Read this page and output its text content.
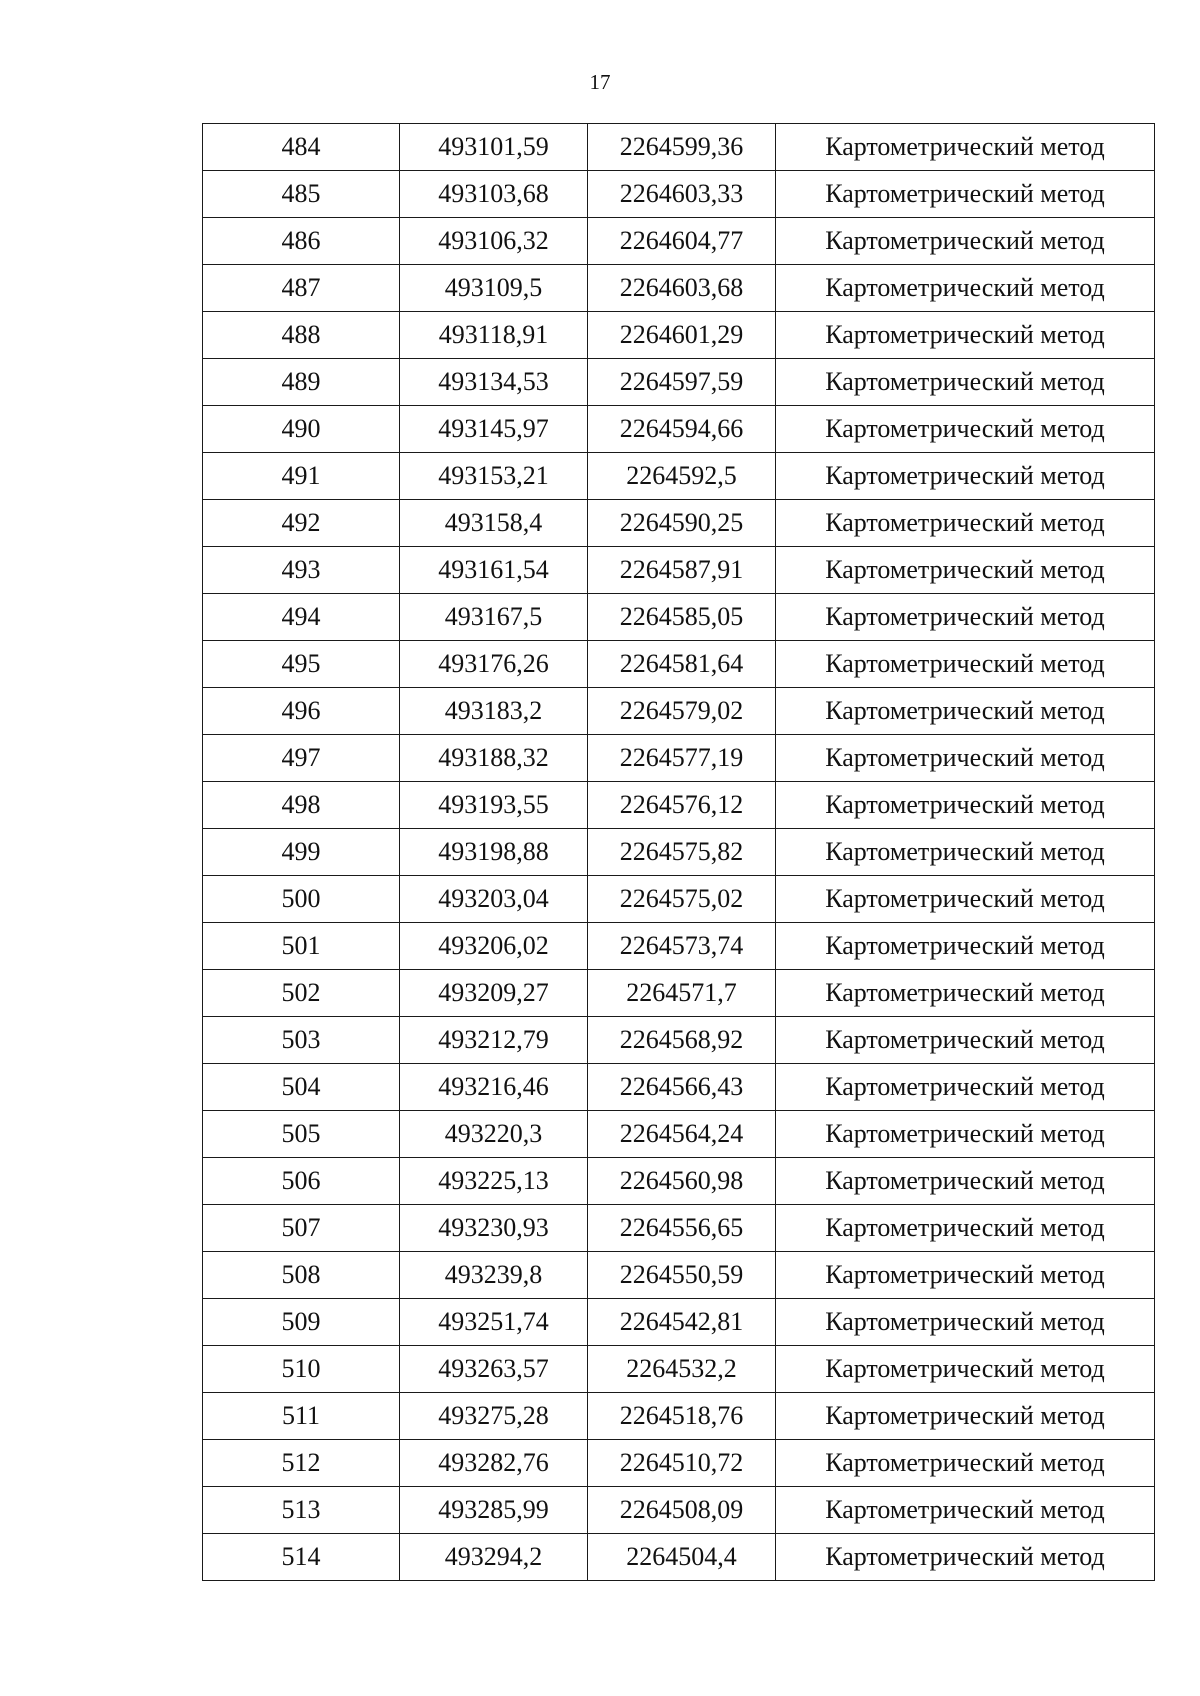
17
484	493101,59	2264599,36	Картометрический метод
485	493103,68	2264603,33	Картометрический метод
486	493106,32	2264604,77	Картометрический метод
487	493109,5	2264603,68	Картометрический метод
488	493118,91	2264601,29	Картометрический метод
489	493134,53	2264597,59	Картометрический метод
490	493145,97	2264594,66	Картометрический метод
491	493153,21	2264592,5	Картометрический метод
492	493158,4	2264590,25	Картометрический метод
493	493161,54	2264587,91	Картометрический метод
494	493167,5	2264585,05	Картометрический метод
495	493176,26	2264581,64	Картометрический метод
496	493183,2	2264579,02	Картометрический метод
497	493188,32	2264577,19	Картометрический метод
498	493193,55	2264576,12	Картометрический метод
499	493198,88	2264575,82	Картометрический метод
500	493203,04	2264575,02	Картометрический метод
501	493206,02	2264573,74	Картометрический метод
502	493209,27	2264571,7	Картометрический метод
503	493212,79	2264568,92	Картометрический метод
504	493216,46	2264566,43	Картометрический метод
505	493220,3	2264564,24	Картометрический метод
506	493225,13	2264560,98	Картометрический метод
507	493230,93	2264556,65	Картометрический метод
508	493239,8	2264550,59	Картометрический метод
509	493251,74	2264542,81	Картометрический метод
510	493263,57	2264532,2	Картометрический метод
511	493275,28	2264518,76	Картометрический метод
512	493282,76	2264510,72	Картометрический метод
513	493285,99	2264508,09	Картометрический метод
514	493294,2	2264504,4	Картометрический метод
